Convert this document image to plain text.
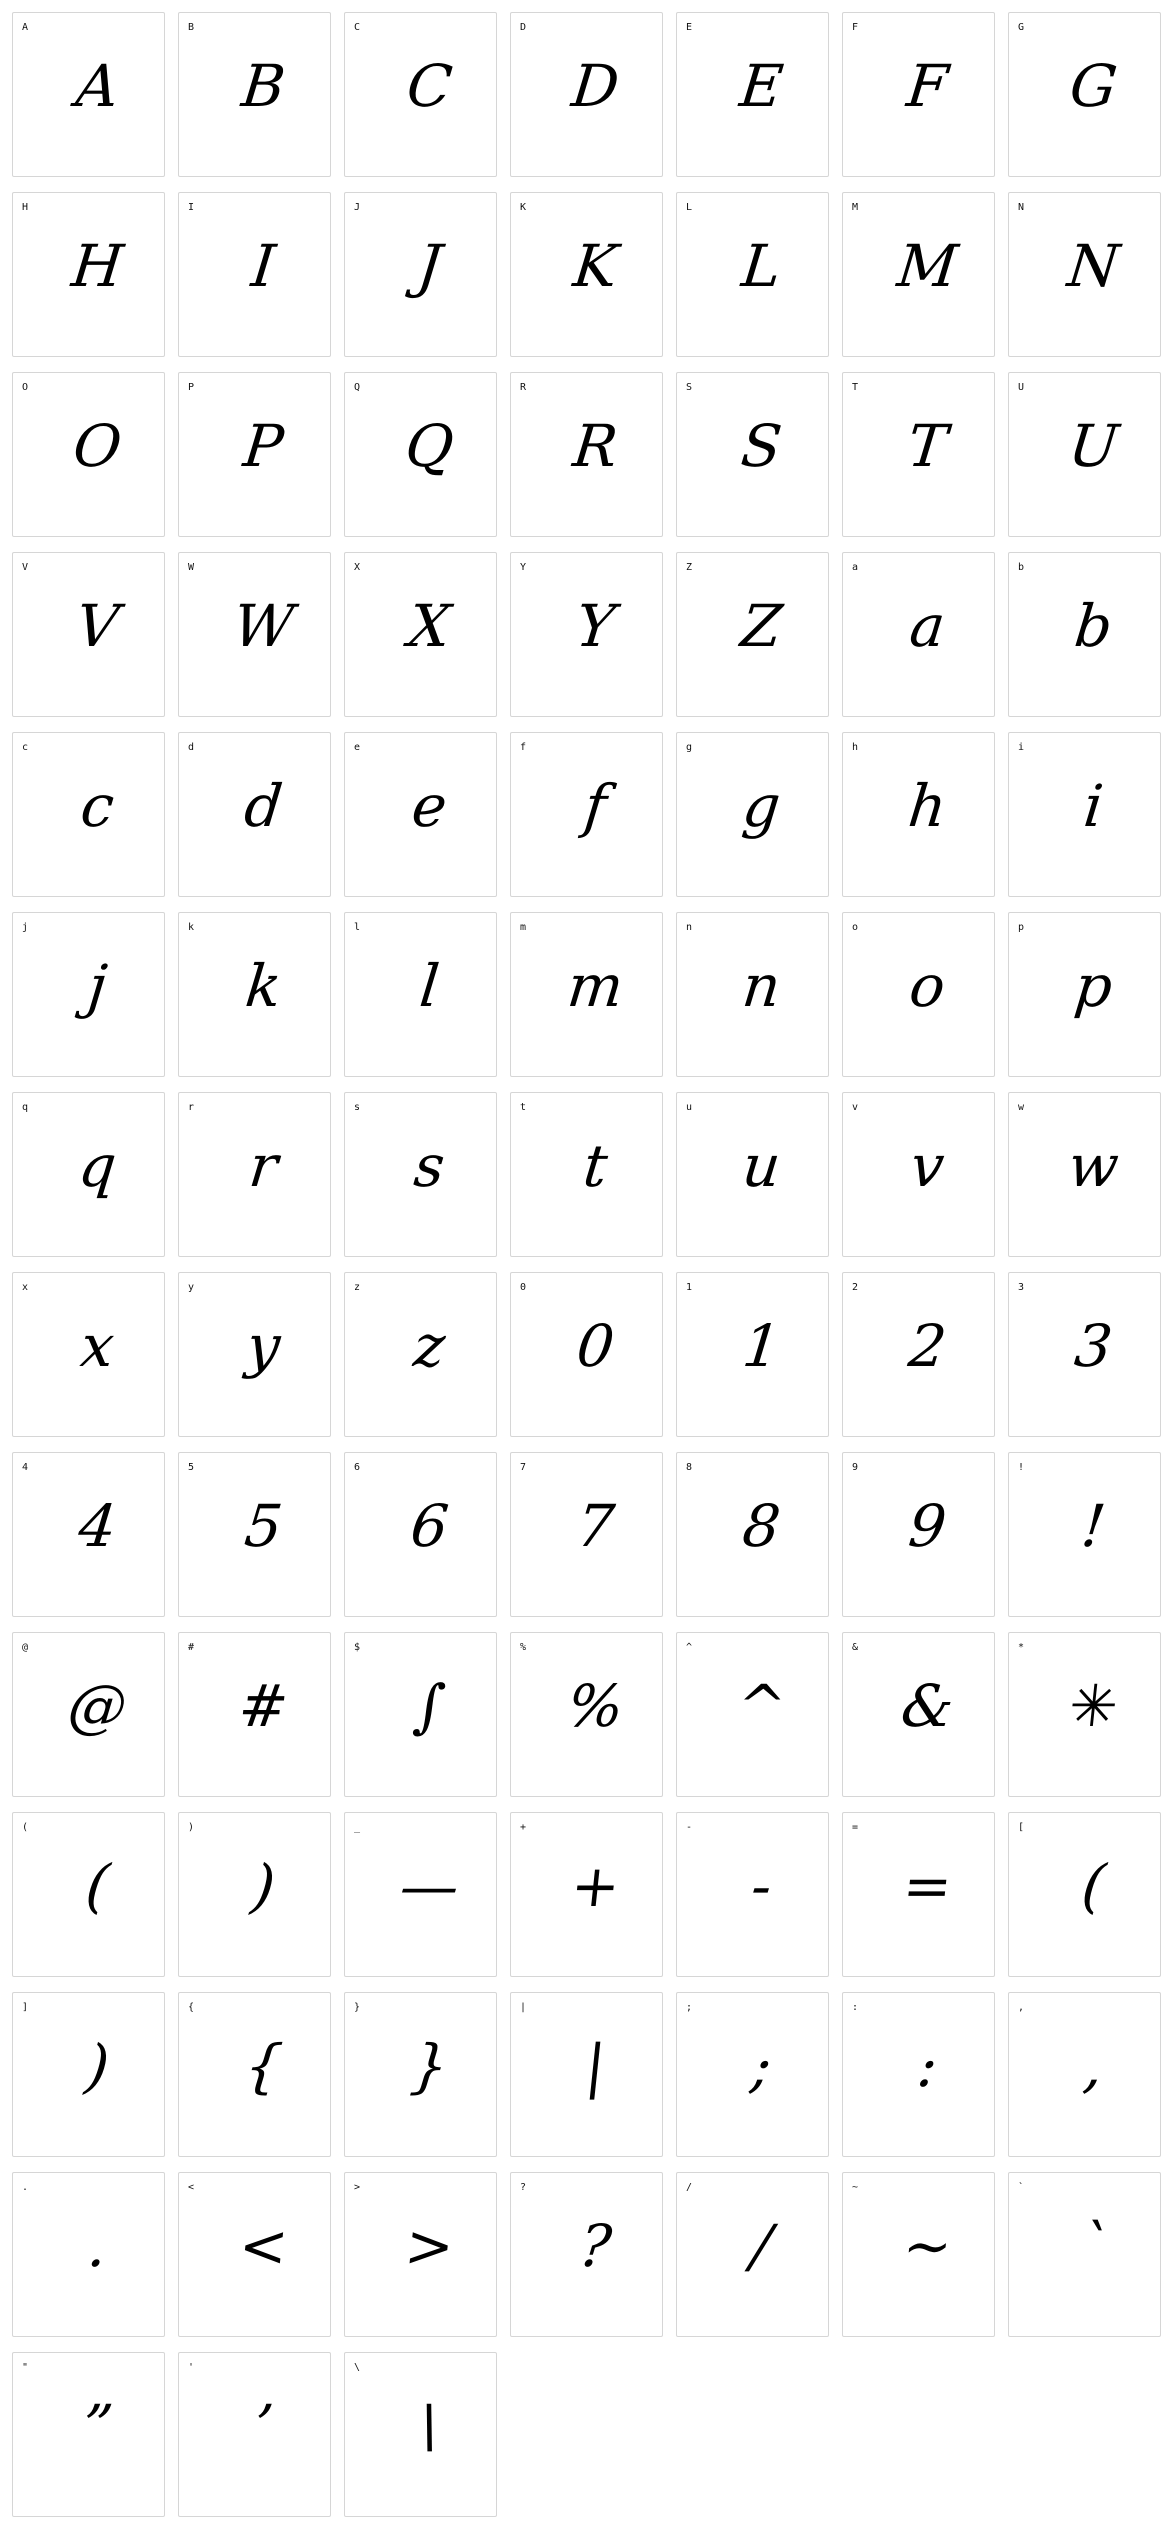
A
A
B
B
C
C
D
D
E
E
F
F
G
G
H
H
I
I
J
J
K
K
L
L
M
M
N
N
O
O
P
P
Q
Q
R
R
S
S
T
T
U
U
V
V
W
W
X
X
Y
Y
Z
Z
a
a
b
b
c
c
d
d
e
e
f
f
g
g
h
h
i
i
j
j
k
k
l
l
m
m
n
n
o
o
p
p
q
q
r
r
s
s
t
t
u
u
v
v
w
w
x
x
y
y
z
z
0
0
1
1
2
2
3
3
4
4
5
5
6
6
7
7
8
8
9
9
!
!
@
@
#
#
$
∫
%
%
^
^
&
&
*
✳
(
(
)
)
_
—
+
+
-
-
=
=
[
(
]
)
{
{
}
}
|
|
;
;
:
:
,
,
.
.
<
<
>
>
?
?
/
/
~
~
`
`
"
”
'
’
\
\
